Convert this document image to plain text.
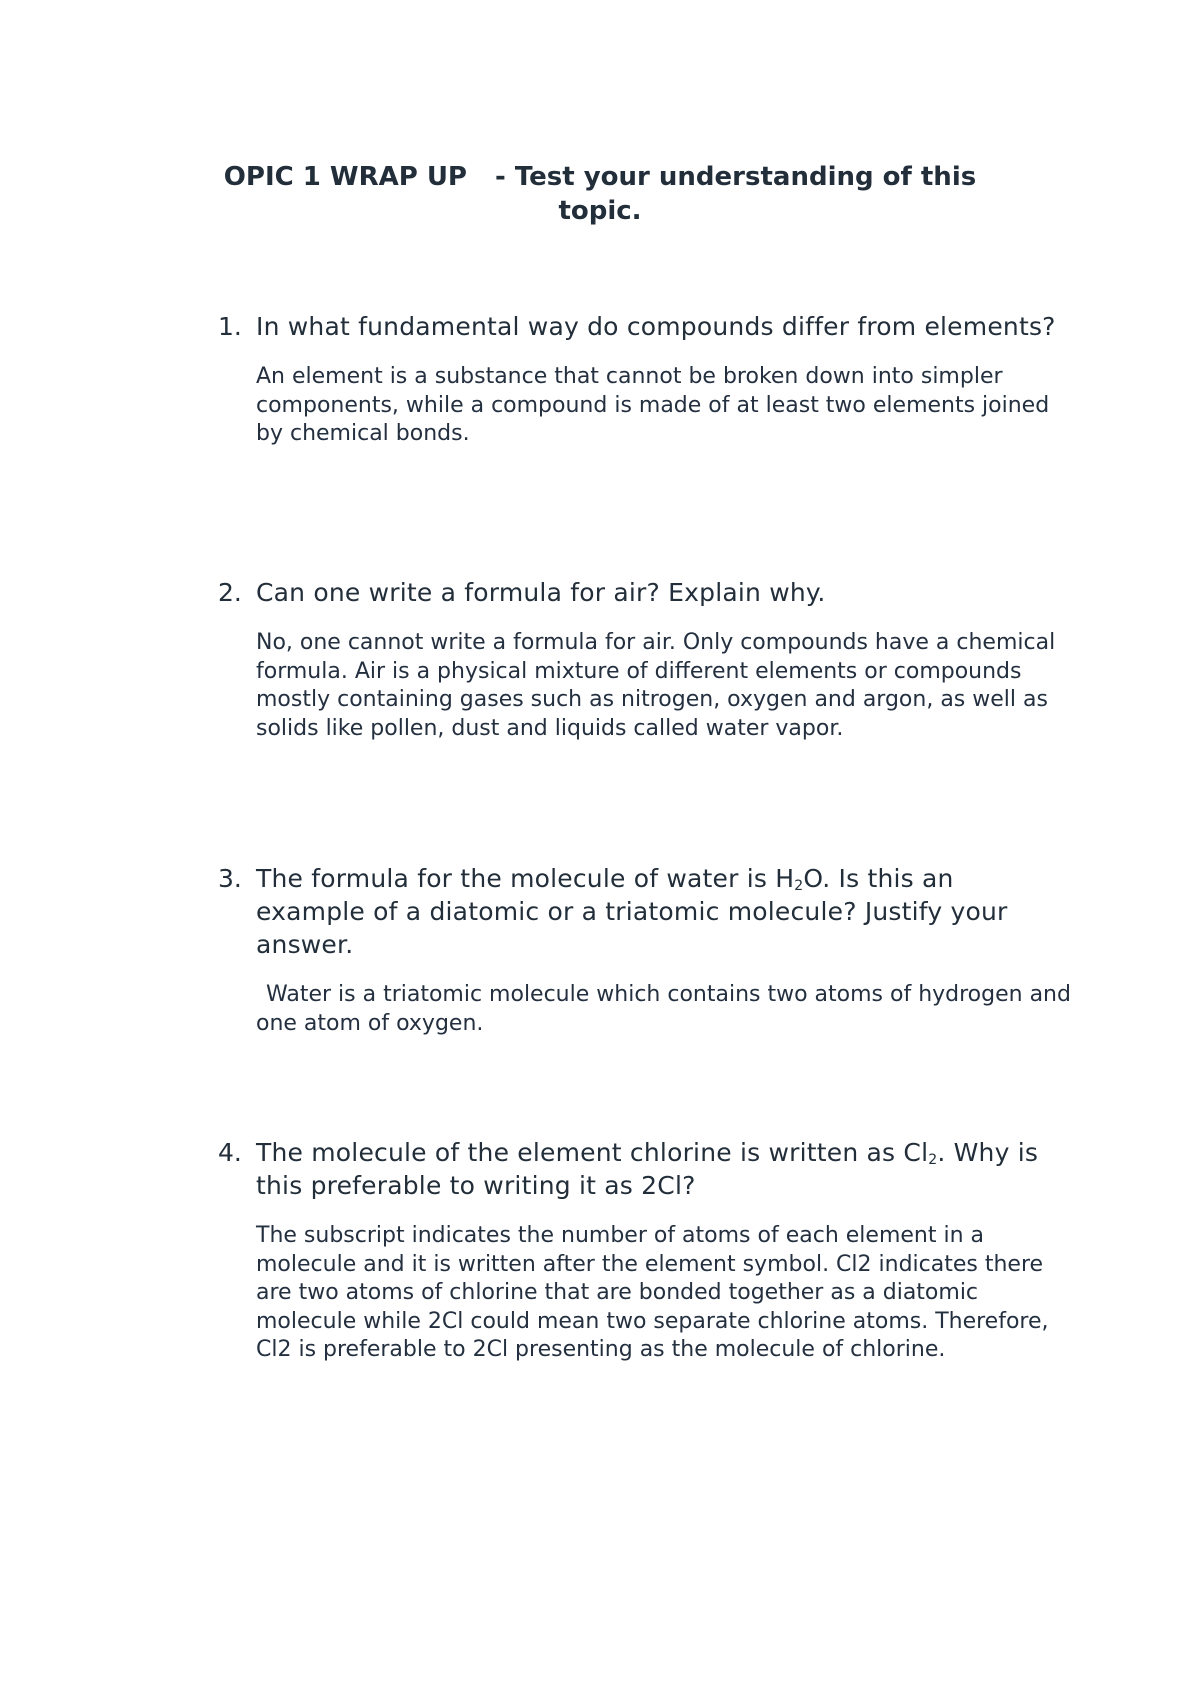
OPIC 1 WRAP UP - Test your understanding of this
topic.
1. In what fundamental way do compounds differ from elements?
An element is a substance that cannot be broken down into simpler components, while a compound is made of at least two elements joined by chemical bonds.
2. Can one write a formula for air? Explain why.
No, one cannot write a formula for air. Only compounds have a chemical formula. Air is a physical mixture of different elements or compounds mostly containing gases such as nitrogen, oxygen and argon, as well as solids like pollen, dust and liquids called water vapor.
3. The formula for the molecule of water is $H_2O$. Is this an example of a diatomic or a triatomic molecule? Justify your answer.
Water is a triatomic molecule which contains two atoms of hydrogen and one atom of oxygen.
4. The molecule of the element chlorine is written as $Cl_2$. Why is this preferable to writing it as 2Cl?
The subscript indicates the number of atoms of each element in a molecule and it is written after the element symbol. Cl2 indicates there are two atoms of chlorine that are bonded together as a diatomic molecule while 2Cl could mean two separate chlorine atoms. Therefore, Cl2 is preferable to 2Cl presenting as the molecule of chlorine.
